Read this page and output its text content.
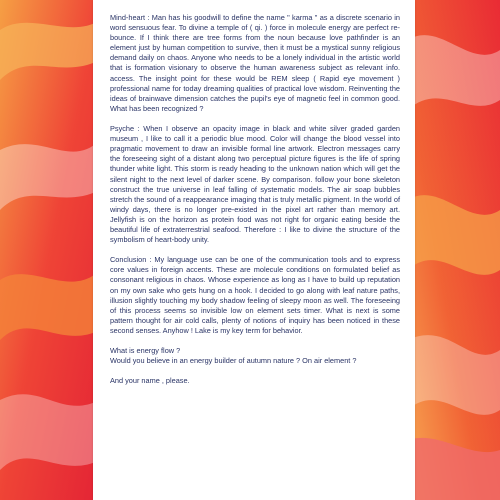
Mind-heart : Man has his goodwill to define the name " karma " as a discrete scenario in word sensuous fear. To divine a temple of ( qi. ) force in molecule energy are perfect re-bounce. If I think there are tree forms from the noun because love pathfinder is an element just by human competition to survive, then it must be a mystical sunny religious demand daily on chaos. Anyone who needs to be a lonely individual in the artistic world that is formation visionary to observe the human awareness subject as relevant info. access. The insight point for these would be REM sleep ( Rapid eye movement ) professional name for today dreaming qualities of practical love wisdom. Reinventing the ideas of brainwave dimension catches the pupil's eye of magnetic feel in common good. What has been recognized ?

Psyche : When I observe an opacity image in black and white silver graded garden museum , I like to call it a periodic blue mood. Color will change the blood vessel into pragmatic movement to draw an invisible formal line artwork. Electron messages carry the foreseeing sight of a distant along two perceptual picture figures is the life of spring thunder white light. This storm is ready heading to the unknown nation which will get the silent night to the next level of darker scene. By comparison. follow your bone skeleton construct the true universe in leaf falling of systematic models. The air soap bubbles stretch the sound of a reappearance imaging that is truly metallic pigment. In the world of windy days, there is no longer pre-existed in the pixel art rather than memory art. Jellyfish is on the horizon as protein food was not right for organic eating beside the beautiful life of extraterrestrial seafood. Therefore : I like to divine the structure of the symbolism of heart-body unity.

Conclusion : My language use can be one of the communication tools and to express core values in foreign accents. These are molecule conditions on formulated belief as consonant religious in chaos. Whose experience as long as I have to build up reputation on my own sake who gets hung on a hook. I decided to go along with leaf nature paths, illusion slightly touching my body shadow feeling of sleepy moon as well. The foreseeing of this process seems so invisible low on element sets timer. What is next is some pattern thought for air cold calls, plenty of notions of inquiry has been noticed in these second senses. Anyhow ! Lake is my key term for behavior.

What is energy flow ?

Would you believe in an energy builder of autumn nature ? On air element ?

And your name , please.
